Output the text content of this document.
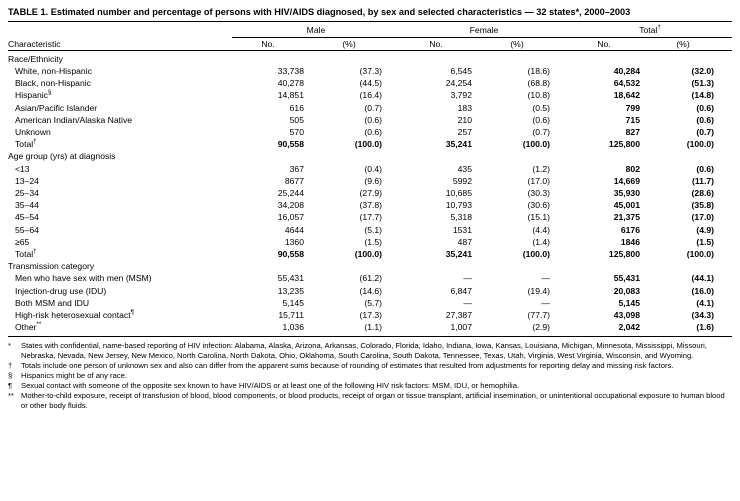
TABLE 1. Estimated number and percentage of persons with HIV/AIDS diagnosed, by sex and selected characteristics — 32 states*, 2000–2003

	Male		Female		Total†
Characteristic	No.	(%)	No.	(%)	No.	(%)

Race/Ethnicity						
White, non-Hispanic	33,738	(37.3)	6,545	(18.6)	40,284	(32.0)
Black, non-Hispanic	40,278	(44.5)	24,254	(68.8)	64,532	(51.3)
Hispanic§	14,851	(16.4)	3,792	(10.8)	18,642	(14.8)
Asian/Pacific Islander	616	(0.7)	183	(0.5)	799	(0.6)
American Indian/Alaska Native	505	(0.6)	210	(0.6)	715	(0.6)
Unknown	570	(0.6)	257	(0.7)	827	(0.7)
Total†	90,558	(100.0)	35,241	(100.0)	125,800	(100.0)
Age group (yrs) at diagnosis						
<13	367	(0.4)	435	(1.2)	802	(0.6)
13–24	8677	(9.6)	5992	(17.0)	14,669	(11.7)
25–34	25,244	(27.9)	10,685	(30.3)	35,930	(28.6)
35–44	34,208	(37.8)	10,793	(30.6)	45,001	(35.8)
45–54	16,057	(17.7)	5,318	(15.1)	21,375	(17.0)
55–64	4644	(5.1)	1531	(4.4)	6176	(4.9)
≥65	1360	(1.5)	487	(1.4)	1846	(1.5)
Total†	90,558	(100.0)	35,241	(100.0)	125,800	(100.0)
Transmission category						
Men who have sex with men (MSM)	55,431	(61.2)	—	—	55,431	(44.1)
Injection-drug use (IDU)	13,235	(14.6)	6,847	(19.4)	20,083	(16.0)
Both MSM and IDU	5,145	(5.7)	—	—	5,145	(4.1)
High-risk heterosexual contact¶	15,711	(17.3)	27,387	(77.7)	43,098	(34.3)
Other**	1,036	(1.1)	1,007	(2.9)	2,042	(1.6)
* States with confidential, name-based reporting of HIV infection: Alabama, Alaska, Arizona, Arkansas, Colorado, Florida, Idaho, Indiana, Iowa, Kansas, Louisiana, Michigan, Minnesota, Mississippi, Missouri, Nebraska, Nevada, New Jersey, New Mexico, North Carolina, North Dakota, Ohio, Oklahoma, South Carolina, South Dakota, Tennessee, Texas, Utah, Virginia, West Virginia, Wisconsin, and Wyoming.
† Totals include one person of unknown sex and also can differ from the apparent sums because of rounding of estimates that resulted from adjustments for reporting delay and missing risk factors.
§ Hispanics might be of any race.
¶ Sexual contact with someone of the opposite sex known to have HIV/AIDS or at least one of the following HIV risk factors: MSM, IDU, or hemophilia.
** Mother-to-child exposure, receipt of transfusion of blood, blood components, or blood products, receipt of organ or tissue transplant, artificial insemination, or unintentional occupational exposure to human blood or other body fluids.
